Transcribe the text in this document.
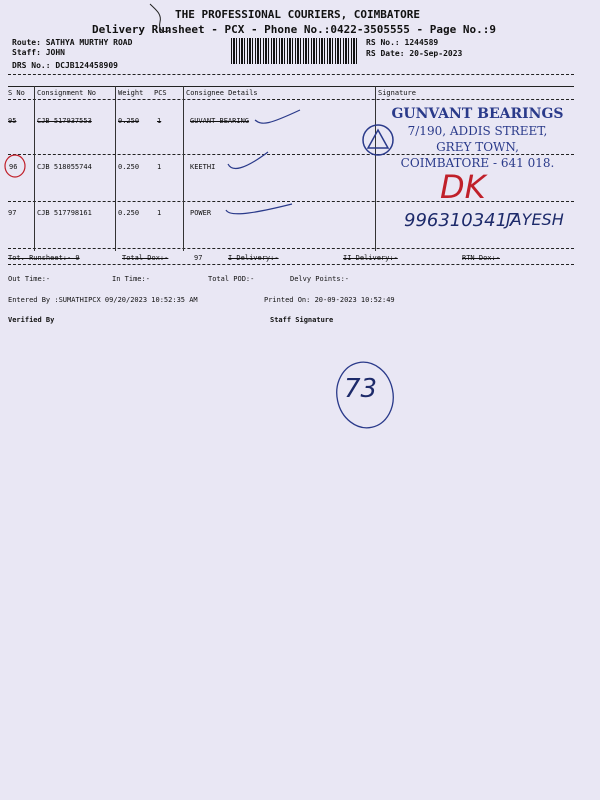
THE PROFESSIONAL COURIERS, COIMBATORE
Delivery Runsheet - PCX - Phone No.:0422-3505555 - Page No.:9
Route: SATHYA MURTHY ROAD
Staff: JOHN
DRS No.: DCJB124458909
RS No.: 1244589
RS Date: 20-Sep-2023
S No Consignment No	Weight PCS	Consignee Details	Signature
95	CJB 517937553	0.250	1	GUVANT BEARING
96	CJB 518055744	0.250	1	KEETHI
97	CJB 517798161	0.250	1	POWER
GUNVANT BEARINGS
7/190, ADDIS STREET,
GREY TOWN,
COIMBATORE - 641 018.
DK
9963103417
JAYESH
Tot. Runsheet:- 9	Total Dox:-	97	I Delivery:-	II Delivery:-	RTN Dox:-
Out Time:-	In Time:-	Total POD:-	Delvy Points:-
Entered By :SUMATHIPCX 09/20/2023 10:52:35 AM	Printed On: 20-09-2023 10:52:49
Verified By	Staff Signature
73
